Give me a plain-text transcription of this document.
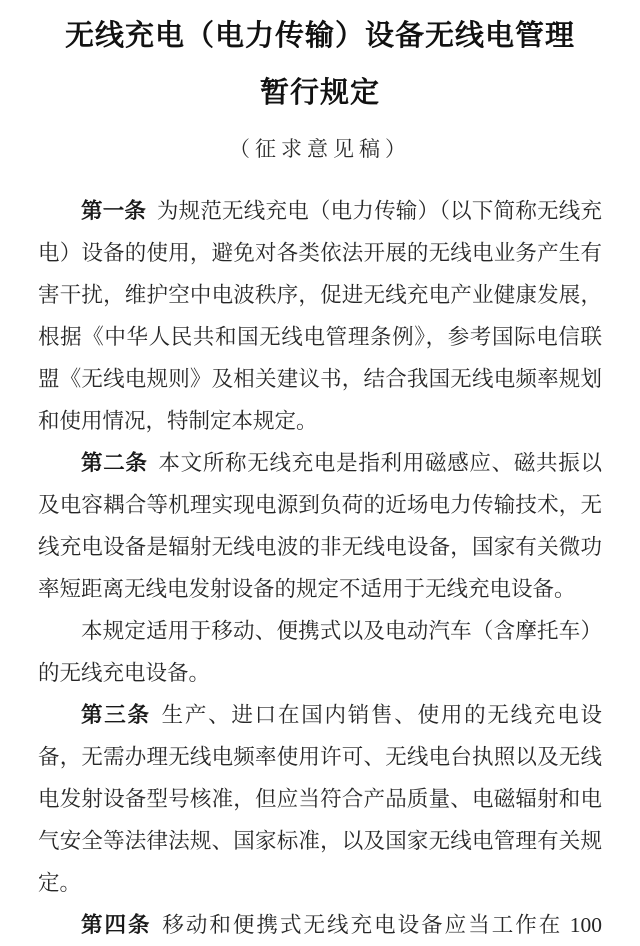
无线充电（电力传输）设备无线电管理
暂行规定
（征求意见稿）

第一条 为规范无线充电（电力传输）（以下简称无线充电）设备的使用，避免对各类依法开展的无线电业务产生有害干扰，维护空中电波秩序，促进无线充电产业健康发展，根据《中华人民共和国无线电管理条例》，参考国际电信联盟《无线电规则》及相关建议书，结合我国无线电频率规划和使用情况，特制定本规定。

第二条 本文所称无线充电是指利用磁感应、磁共振以及电容耦合等机理实现电源到负荷的近场电力传输技术，无线充电设备是辐射无线电波的非无线电设备，国家有关微功率短距离无线电发射设备的规定不适用于无线充电设备。

本规定适用于移动、便携式以及电动汽车（含摩托车）的无线充电设备。

第三条 生产、进口在国内销售、使用的无线充电设备，无需办理无线电频率使用许可、无线电台执照以及无线电发射设备型号核准，但应当符合产品质量、电磁辐射和电气安全等法律法规、国家标准，以及国家无线电管理有关规定。

第四条 移动和便携式无线充电设备应当工作在 100
